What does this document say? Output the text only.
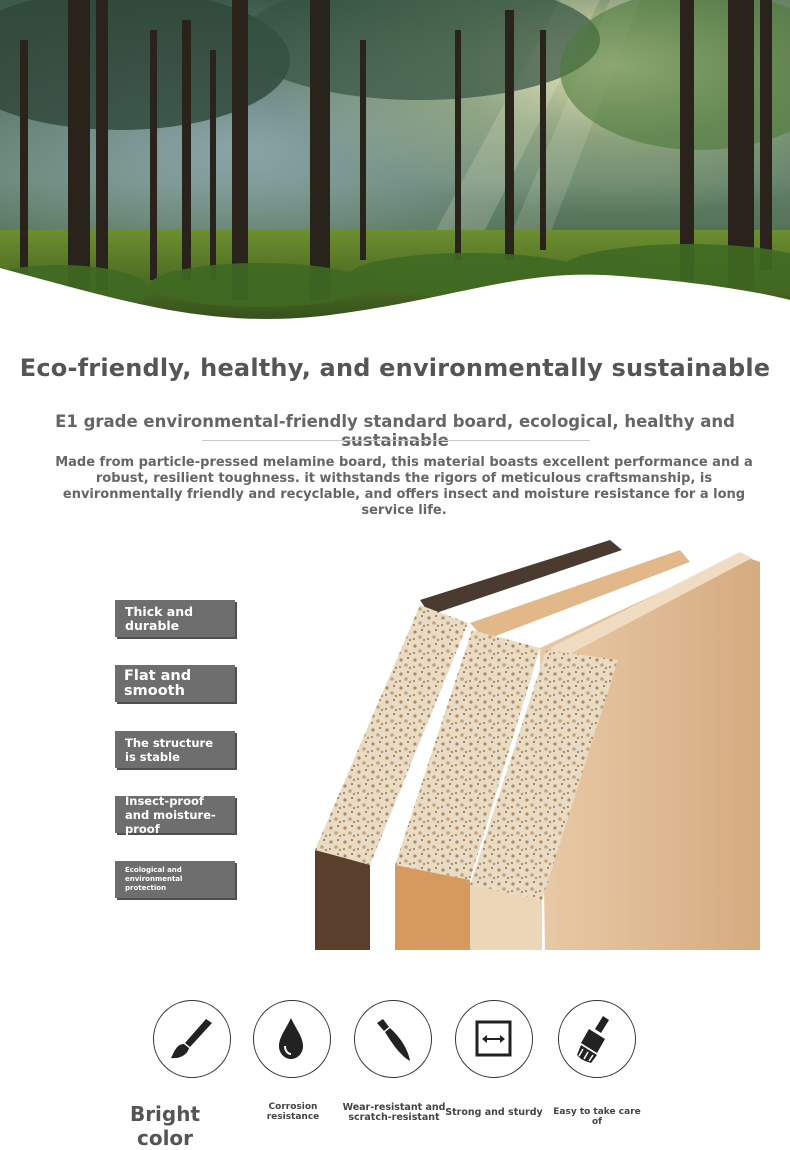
Eco-friendly, healthy, and environmentally sustainable
E1 grade environmental-friendly standard board, ecological, healthy and sustainable
Made from particle-pressed melamine board, this material boasts excellent performance and a robust, resilient toughness. it withstands the rigors of meticulous craftsmanship, is environmentally friendly and recyclable, and offers insect and moisture resistance for a long service life.
Thick and durable
Flat and smooth
The structure is stable
Insect-proof and moisture-proof
Ecological and environmental protection
Bright color
Corrosion resistance
Wear-resistant and scratch-resistant Strong and sturdy	Easy to take care of
